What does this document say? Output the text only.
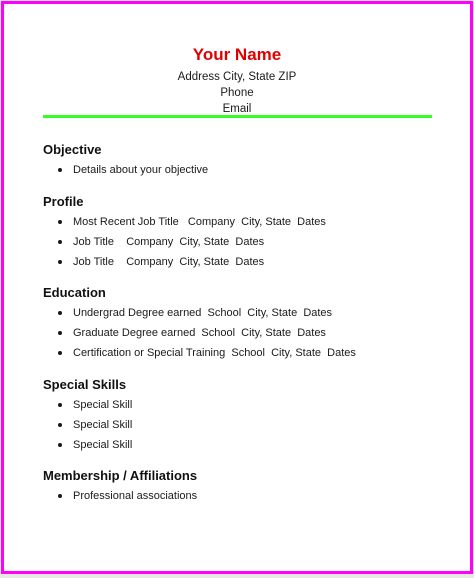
Your Name
Address City, State ZIP
Phone
Email
Objective
Details about your objective
Profile
Most Recent Job Title   Company  City, State  Dates
Job Title    Company  City, State  Dates
Job Title    Company  City, State  Dates
Education
Undergrad Degree earned  School  City, State  Dates
Graduate Degree earned  School  City, State  Dates
Certification or Special Training  School  City, State  Dates
Special Skills
Special Skill
Special Skill
Special Skill
Membership / Affiliations
Professional associations
